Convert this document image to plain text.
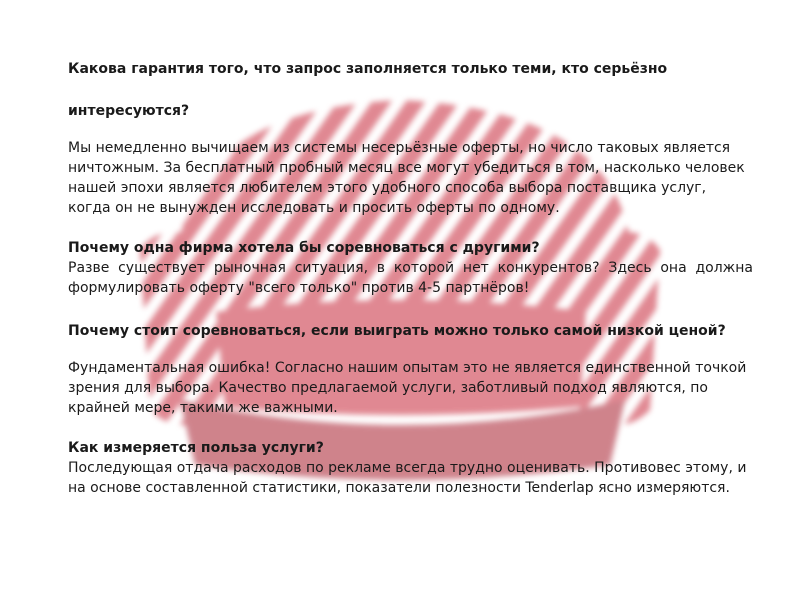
Какова гарантия того, что запрос заполняется только теми, кто серьёзно интересуются?

Мы немедленно вычищаем из системы несерьёзные оферты, но число таковых является ничтожным. За бесплатный пробный месяц все могут убедиться в том, насколько человек нашей эпохи является любителем этого удобного способа выбора поставщика услуг, когда он не вынужден исследовать и просить оферты по одному.

Почему одна фирма хотела бы соревноваться с другими?

Разве существует рыночная ситуация, в которой нет конкурентов? Здесь она должна формулировать оферту "всего только" против 4-5 партнёров!

Почему стоит соревноваться, если выиграть можно только самой низкой ценой?

Фундаментальная ошибка! Согласно нашим опытам это не является единственной точкой зрения для выбора. Качество предлагаемой услуги, заботливый подход являются, по крайней мере, такими же важными.

Как измеряется польза услуги?

Последующая отдача расходов по рекламе всегда трудно оценивать. Противовес этому, и на основе составленной статистики, показатели полезности Tenderlap ясно измеряются.
